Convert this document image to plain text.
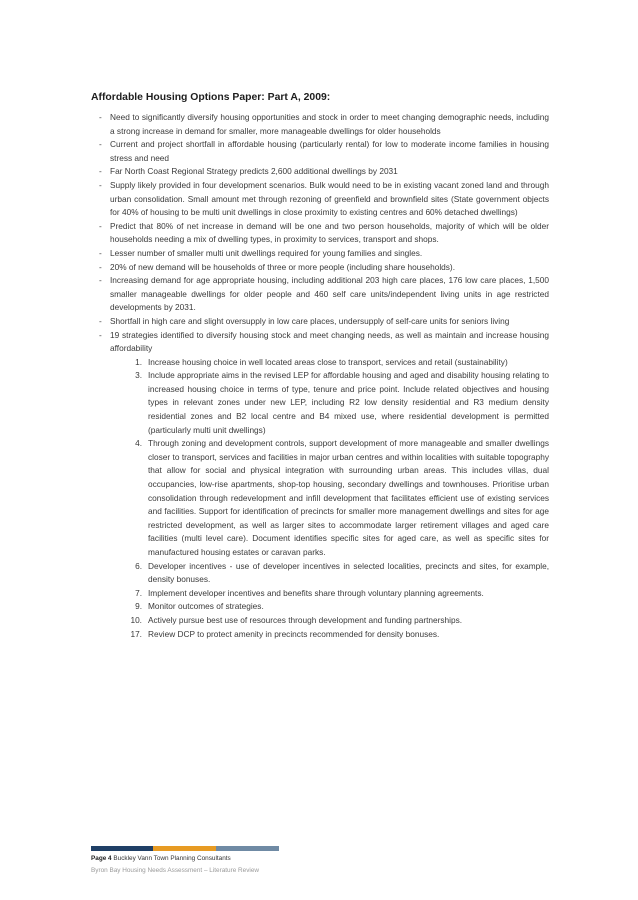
Affordable Housing Options Paper: Part A, 2009:
- Need to significantly diversify housing opportunities and stock in order to meet changing demographic needs, including a strong increase in demand for smaller, more manageable dwellings for older households
- Current and project shortfall in affordable housing (particularly rental) for low to moderate income families in housing stress and need
- Far North Coast Regional Strategy predicts 2,600 additional dwellings by 2031
- Supply likely provided in four development scenarios. Bulk would need to be in existing vacant zoned land and through urban consolidation. Small amount met through rezoning of greenfield and brownfield sites (State government objects for 40% of housing to be multi unit dwellings in close proximity to existing centres and 60% detached dwellings)
- Predict that 80% of net increase in demand will be one and two person households, majority of which will be older households needing a mix of dwelling types, in proximity to services, transport and shops.
- Lesser number of smaller multi unit dwellings required for young families and singles.
- 20% of new demand will be households of three or more people (including share households).
- Increasing demand for age appropriate housing, including additional 203 high care places, 176 low care places, 1,500 smaller manageable dwellings for older people and 460 self care units/independent living units in age restricted developments by 2031.
- Shortfall in high care and slight oversupply in low care places, undersupply of self-care units for seniors living
- 19 strategies identified to diversify housing stock and meet changing needs, as well as maintain and increase housing affordability
1. Increase housing choice in well located areas close to transport, services and retail (sustainability)
3. Include appropriate aims in the revised LEP for affordable housing and aged and disability housing relating to increased housing choice in terms of type, tenure and price point. Include related objectives and housing types in relevant zones under new LEP, including R2 low density residential and R3 medium density residential zones and B2 local centre and B4 mixed use, where residential development is permitted (particularly multi unit dwellings)
4. Through zoning and development controls, support development of more manageable and smaller dwellings closer to transport, services and facilities in major urban centres and within localities with suitable topography that allow for social and physical integration with surrounding urban areas. This includes villas, dual occupancies, low-rise apartments, shop-top housing, secondary dwellings and townhouses. Prioritise urban consolidation through redevelopment and infill development that facilitates efficient use of existing services and facilities. Support for identification of precincts for smaller more management dwellings and sites for age restricted development, as well as larger sites to accommodate larger retirement villages and aged care facilities (multi level care). Document identifies specific sites for aged care, as well as specific sites for manufactured housing estates or caravan parks.
6. Developer incentives - use of developer incentives in selected localities, precincts and sites, for example, density bonuses.
7. Implement developer incentives and benefits share through voluntary planning agreements.
9. Monitor outcomes of strategies.
10. Actively pursue best use of resources through development and funding partnerships.
17. Review DCP to protect amenity in precincts recommended for density bonuses.
Page 4 Buckley Vann Town Planning Consultants
Byron Bay Housing Needs Assessment – Literature Review
